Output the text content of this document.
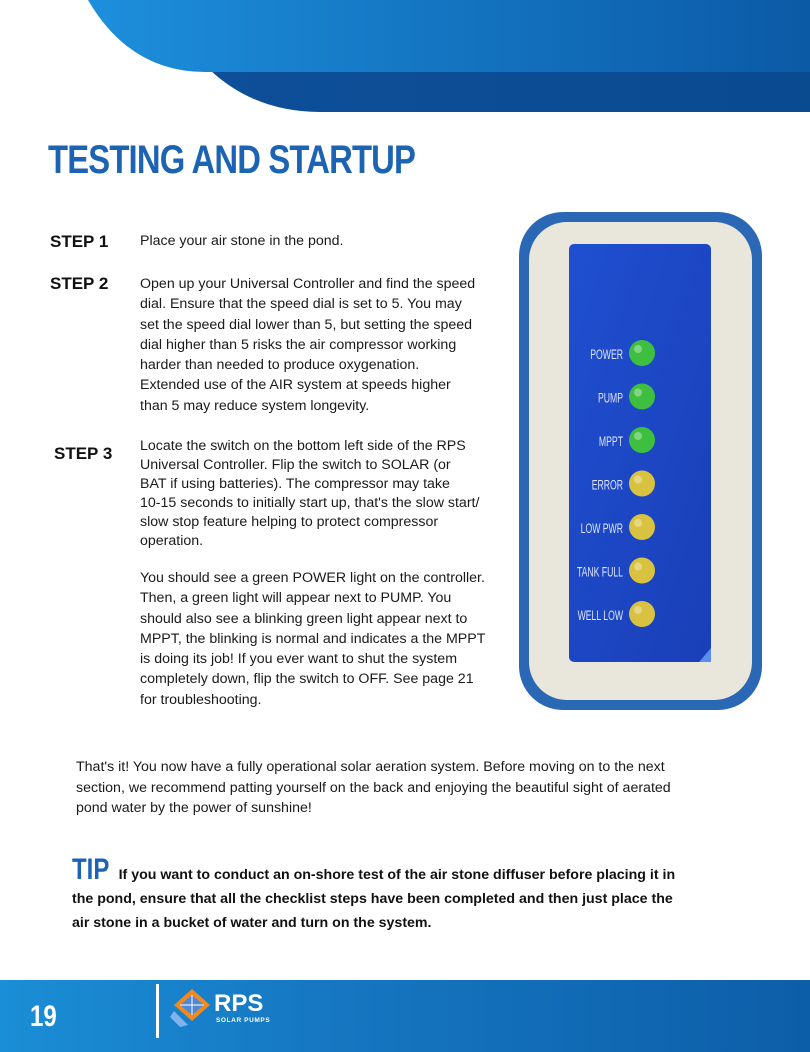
TESTING AND STARTUP
STEP 1 Place your air stone in the pond.

STEP 2 Open up your Universal Controller and find the speed
dial. Ensure that the speed dial is set to 5. You may
set the speed dial lower than 5, but setting the speed
dial higher than 5 risks the air compressor working
harder than needed to produce oxygenation.
Extended use of the AIR system at speeds higher
than 5 may reduce system longevity.

STEP 3 Locate the switch on the bottom left side of the RPS
Universal Controller. Flip the switch to SOLAR (or
BAT if using batteries). The compressor may take
10-15 seconds to initially start up, that's the slow start/
slow stop feature helping to protect compressor
operation.

You should see a green POWER light on the controller.
Then, a green light will appear next to PUMP. You
should also see a blinking green light appear next to
MPPT, the blinking is normal and indicates a the MPPT
is doing its job! If you ever want to shut the system
completely down, flip the switch to OFF. See page 21
for troubleshooting.

POWER
PUMP
MPPT
ERROR
LOW PWR
TANK FULL
WELL LOW

That's it! You now have a fully operational solar aeration system. Before moving on to the next
section, we recommend patting yourself on the back and enjoying the beautiful sight of aerated
pond water by the power of sunshine!

TIP If you want to conduct an on-shore test of the air stone diffuser before placing it in
the pond, ensure that all the checklist steps have been completed and then just place the
air stone in a bucket of water and turn on the system.

19	RPS
SOLAR PUMPS
